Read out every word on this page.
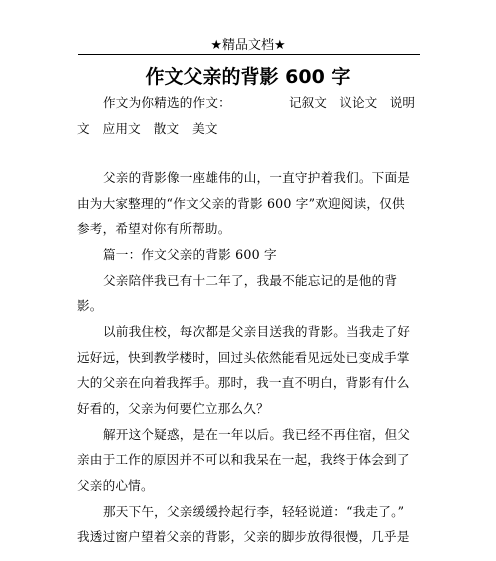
★精品文档★
作文父亲的背影 600 字
作文为你精选的作文：	记叙文　议论文　说明
文　应用文　散文　美文
父亲的背影像一座雄伟的山，一直守护着我们。下面是
由为大家整理的“作文父亲的背影 600 字”欢迎阅读，仅供
参考，希望对你有所帮助。
篇一：作文父亲的背影 600 字
父亲陪伴我已有十二年了，我最不能忘记的是他的背
影。
以前我住校，每次都是父亲目送我的背影。当我走了好
远好远，快到教学楼时，回过头依然能看见远处已变成手掌
大的父亲在向着我挥手。那时，我一直不明白，背影有什么
好看的，父亲为何要伫立那么久？
解开这个疑惑，是在一年以后。我已经不再住宿，但父
亲由于工作的原因并不可以和我呆在一起，我终于体会到了
父亲的心情。
那天下午，父亲缓缓拎起行李，轻轻说道：“我走了。”
我透过窗户望着父亲的背影，父亲的脚步放得很慢，几乎是
